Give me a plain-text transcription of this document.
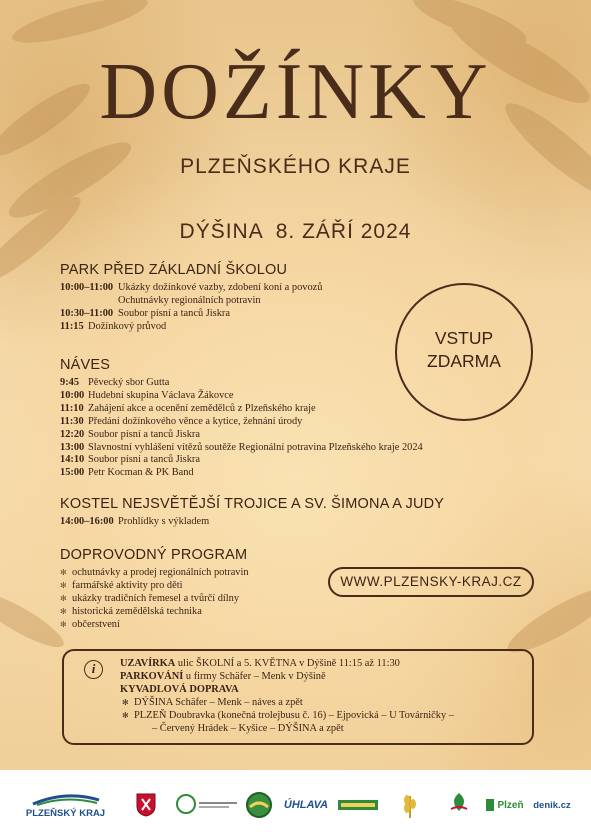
DOŽÍNKY
PLZEŇSKÉHO KRAJE
DÝŠINA 8. ZÁŘÍ 2024
PARK PŘED ZÁKLADNÍ ŠKOLOU
10:00–11:00 Ukázky dožínkové vazby, zdobení koní a povozů
Ochutnávky regionálních potravin
10:30–11:00 Soubor písní a tanců Jiskra
11:15 Dožínkový průvod
VSTUP
ZDARMA
NÁVES
9:45 Pěvecký sbor Gutta
10:00 Hudební skupina Václava Žákovce
11:10 Zahájení akce a ocenění zemědělců z Plzeňského kraje
11:30 Předání dožínkového věnce a kytice, žehnání úrody
12:20 Soubor písní a tanců Jiskra
13:00 Slavnostní vyhlášení vítězů soutěže Regionální potravina Plzeňského kraje 2024
14:10 Soubor písní a tanců Jiskra
15:00 Petr Kocman & PK Band
KOSTEL NEJSVĚTĚJŠÍ TROJICE A SV. ŠIMONA A JUDY
14:00–16:00 Prohlídky s výkladem
DOPROVODNÝ PROGRAM
✻ ochutnávky a prodej regionálních potravin
✻ farmářské aktivity pro děti
✻ ukázky tradičních řemesel a tvůrčí dílny
✻ historická zemědělská technika
✻ občerstvení
WWW.PLZENSKY-KRAJ.CZ
i	UZAVÍRKA ulic ŠKOLNÍ a 5. KVĚTNA v Dýšině 11:15 až 11:30
PARKOVÁNÍ u firmy Schäfer – Menk v Dýšině
KYVADLOVÁ DOPRAVA
✻ DÝŠINA Schäfer – Menk – náves a zpět
✻ PLZEŇ Doubravka (konečná trolejbusu č. 16) – Ejpovická – U Továrničky –
– Červený Hrádek – Kyšice – DÝŠINA a zpět
PLZEŇSKÝ KRAJ
ÚHLAVA	Plzeň denik.cz
